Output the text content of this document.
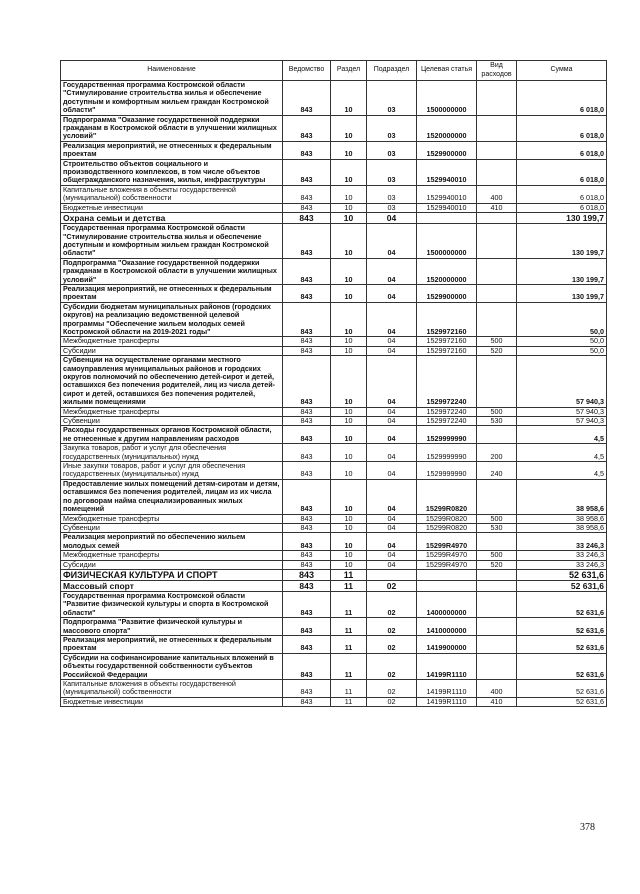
Наименование	Ведомство	Раздел	Подраздел	Целевая статья	Вид расходов	Сумма
Государственная программа Костромской области "Стимулирование строительства жилья и обеспечение доступным и комфортным жильем граждан Костромской области"	843	10	03	1500000000		6 018,0
Подпрограмма "Оказание государственной поддержки гражданам в Костромской области в улучшении жилищных условий"	843	10	03	1520000000		6 018,0
Реализация мероприятий, не отнесенных к федеральным проектам	843	10	03	1529900000		6 018,0
Строительство объектов социального и производственного комплексов, в том числе объектов общегражданского назначения, жилья, инфраструктуры	843	10	03	1529940010		6 018,0
Капитальные вложения в объекты государственной (муниципальной) собственности	843	10	03	1529940010	400	6 018,0
Бюджетные инвестиции	843	10	03	1529940010	410	6 018,0
Охрана семьи и детства	843	10	04			130 199,7
Государственная программа Костромской области "Стимулирование строительства жилья и обеспечение доступным и комфортным жильем граждан Костромской области"	843	10	04	1500000000		130 199,7
Подпрограмма "Оказание государственной поддержки гражданам в Костромской области в улучшении жилищных условий"	843	10	04	1520000000		130 199,7
Реализация мероприятий, не отнесенных к федеральным проектам	843	10	04	1529900000		130 199,7
Субсидии бюджетам муниципальных районов (городских округов) на реализацию ведомственной целевой программы "Обеспечение жильем молодых семей Костромской области на 2019-2021 годы"	843	10	04	1529972160		50,0
Межбюджетные трансферты	843	10	04	1529972160	500	50,0
Субсидии	843	10	04	1529972160	520	50,0
Субвенции на осуществление органами местного самоуправления муниципальных районов и городских округов полномочий по обеспечению детей-сирот и детей, оставшихся без попечения родителей, лиц из числа детей-сирот и детей, оставшихся без попечения родителей, жилыми помещениями	843	10	04	1529972240		57 940,3
Межбюджетные трансферты	843	10	04	1529972240	500	57 940,3
Субвенции	843	10	04	1529972240	530	57 940,3
Расходы государственных органов Костромской области, не отнесенные к другим направлениям расходов	843	10	04	1529999990		4,5
Закупка товаров, работ и услуг для обеспечения государственных (муниципальных) нужд	843	10	04	1529999990	200	4,5
Иные закупки товаров, работ и услуг для обеспечения государственных (муниципальных) нужд	843	10	04	1529999990	240	4,5
Предоставление жилых помещений детям-сиротам и детям, оставшимся без попечения родителей, лицам из их числа по договорам найма специализированных жилых помещений	843	10	04	15299R0820		38 958,6
Межбюджетные трансферты	843	10	04	15299R0820	500	38 958,6
Субвенции	843	10	04	15299R0820	530	38 958,6
Реализация мероприятий по обеспечению жильем молодых семей	843	10	04	15299R4970		33 246,3
Межбюджетные трансферты	843	10	04	15299R4970	500	33 246,3
Субсидии	843	10	04	15299R4970	520	33 246,3
ФИЗИЧЕСКАЯ КУЛЬТУРА И СПОРТ	843	11				52 631,6
Массовый спорт	843	11	02			52 631,6
Государственная программа Костромской области "Развитие физической культуры и спорта в Костромской области"	843	11	02	1400000000		52 631,6
Подпрограмма "Развитие физической культуры и массового спорта"	843	11	02	1410000000		52 631,6
Реализация мероприятий, не отнесенных к федеральным проектам	843	11	02	1419900000		52 631,6
Субсидии на софинансирование капитальных вложений в объекты государственной собственности субъектов Российской Федерации	843	11	02	14199R1110		52 631,6
Капитальные вложения в объекты государственной (муниципальной) собственности	843	11	02	14199R1110	400	52 631,6
Бюджетные инвестиции	843	11	02	14199R1110	410	52 631,6
378
